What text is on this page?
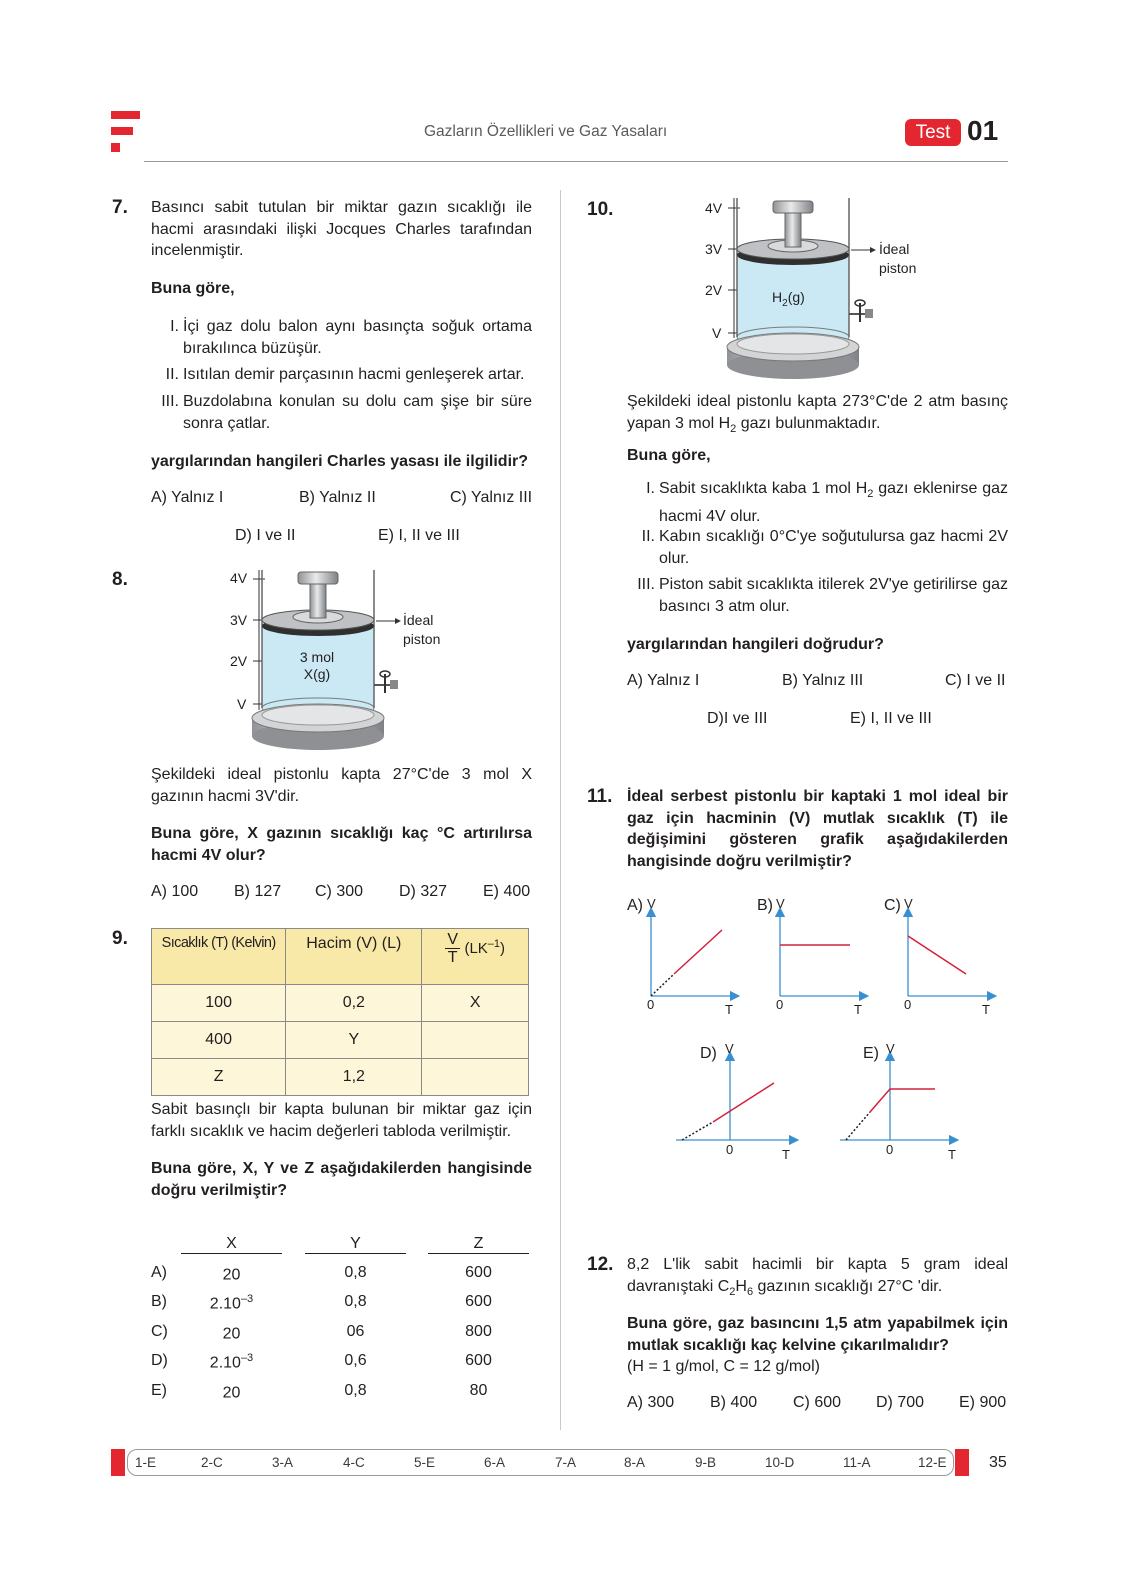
Gazların Özellikleri ve Gaz Yasaları	Test 01
7. Basıncı sabit tutulan bir miktar gazın sıcaklığı ile hacmi arasındaki ilişki Jocques Charles tarafından incelenmiştir.
Buna göre,
I. İçi gaz dolu balon aynı basınçta soğuk ortama bırakılınca büzüşür.
II. Isıtılan demir parçasının hacmi genleşerek artar.
III. Buzdolabına konulan su dolu cam şişe bir süre sonra çatlar.
yargılarından hangileri Charles yasası ile ilgilidir?
A) Yalnız I	B) Yalnız II	C) Yalnız III
D) I ve II	E) I, II ve III
8.	4V
3V
2V
V
3 mol
X(g)
İdeal
piston
Şekildeki ideal pistonlu kapta 27°C'de 3 mol X gazının hacmi 3V'dir.
Buna göre, X gazının sıcaklığı kaç °C artırılırsa hacmi 4V olur?
A) 100 B) 127 C) 300 D) 327 E) 400
9. Sıcaklık (T) (Kelvin)	Hacim (V) (L)	$\frac{V}{T} (LK^{-1})$
100	0,2	X
400	Y	
Z	1,2	
Sabit basınçlı bir kapta bulunan bir miktar gaz için farklı sıcaklık ve hacim değerleri tabloda verilmiştir.
Buna göre, X, Y ve Z aşağıdakilerden hangisinde doğru verilmiştir?
X	Y	Z
A)	20	0,8	600
B)	$2.10^{-3}$	0,8	600
C)	20	06	800
D)	$2.10^{-3}$	0,6	600
E)	20	0,8	80
10.	4V
3V
2V
V
$H_2(g)$
İdeal
piston
Şekildeki ideal pistonlu kapta 273°C'de 2 atm basınç yapan 3 mol $H_2$ gazı bulunmaktadır.
Buna göre,
I. Sabit sıcaklıkta kaba 1 mol $H_2$ gazı eklenirse gaz hacmi 4V olur.
II. Kabın sıcaklığı 0°C'ye soğutulursa gaz hacmi 2V olur.
III. Piston sabit sıcaklıkta itilerek 2V'ye getirilirse gaz basıncı 3 atm olur.
yargılarından hangileri doğrudur?
A) Yalnız I	B) Yalnız III	C) I ve II
D)I ve III	E) I, II ve III
11. İdeal serbest pistonlu bir kaptaki 1 mol ideal bir gaz için hacminin (V) mutlak sıcaklık (T) ile değişimini gösteren grafik aşağıdakilerden hangisinde doğru verilmiştir?
A) V
0	T
B) V
0	T
C) V
0	T
D) V
0	T
E) V
0	T
12. 8,2 L'lik sabit hacimli bir kapta 5 gram ideal davranıştaki $C_2H_6$ gazının sıcaklığı 27°C 'dir.
Buna göre, gaz basıncını 1,5 atm yapabilmek için mutlak sıcaklığı kaç kelvine çıkarılmalıdır?
(H = 1 g/mol, C = 12 g/mol)
A) 300 B) 400 C) 600 D) 700 E) 900
1-E	2-C	3-A	4-C	5-E	6-A	7-A	8-A	9-B	10-D	11-A	12-E	35
